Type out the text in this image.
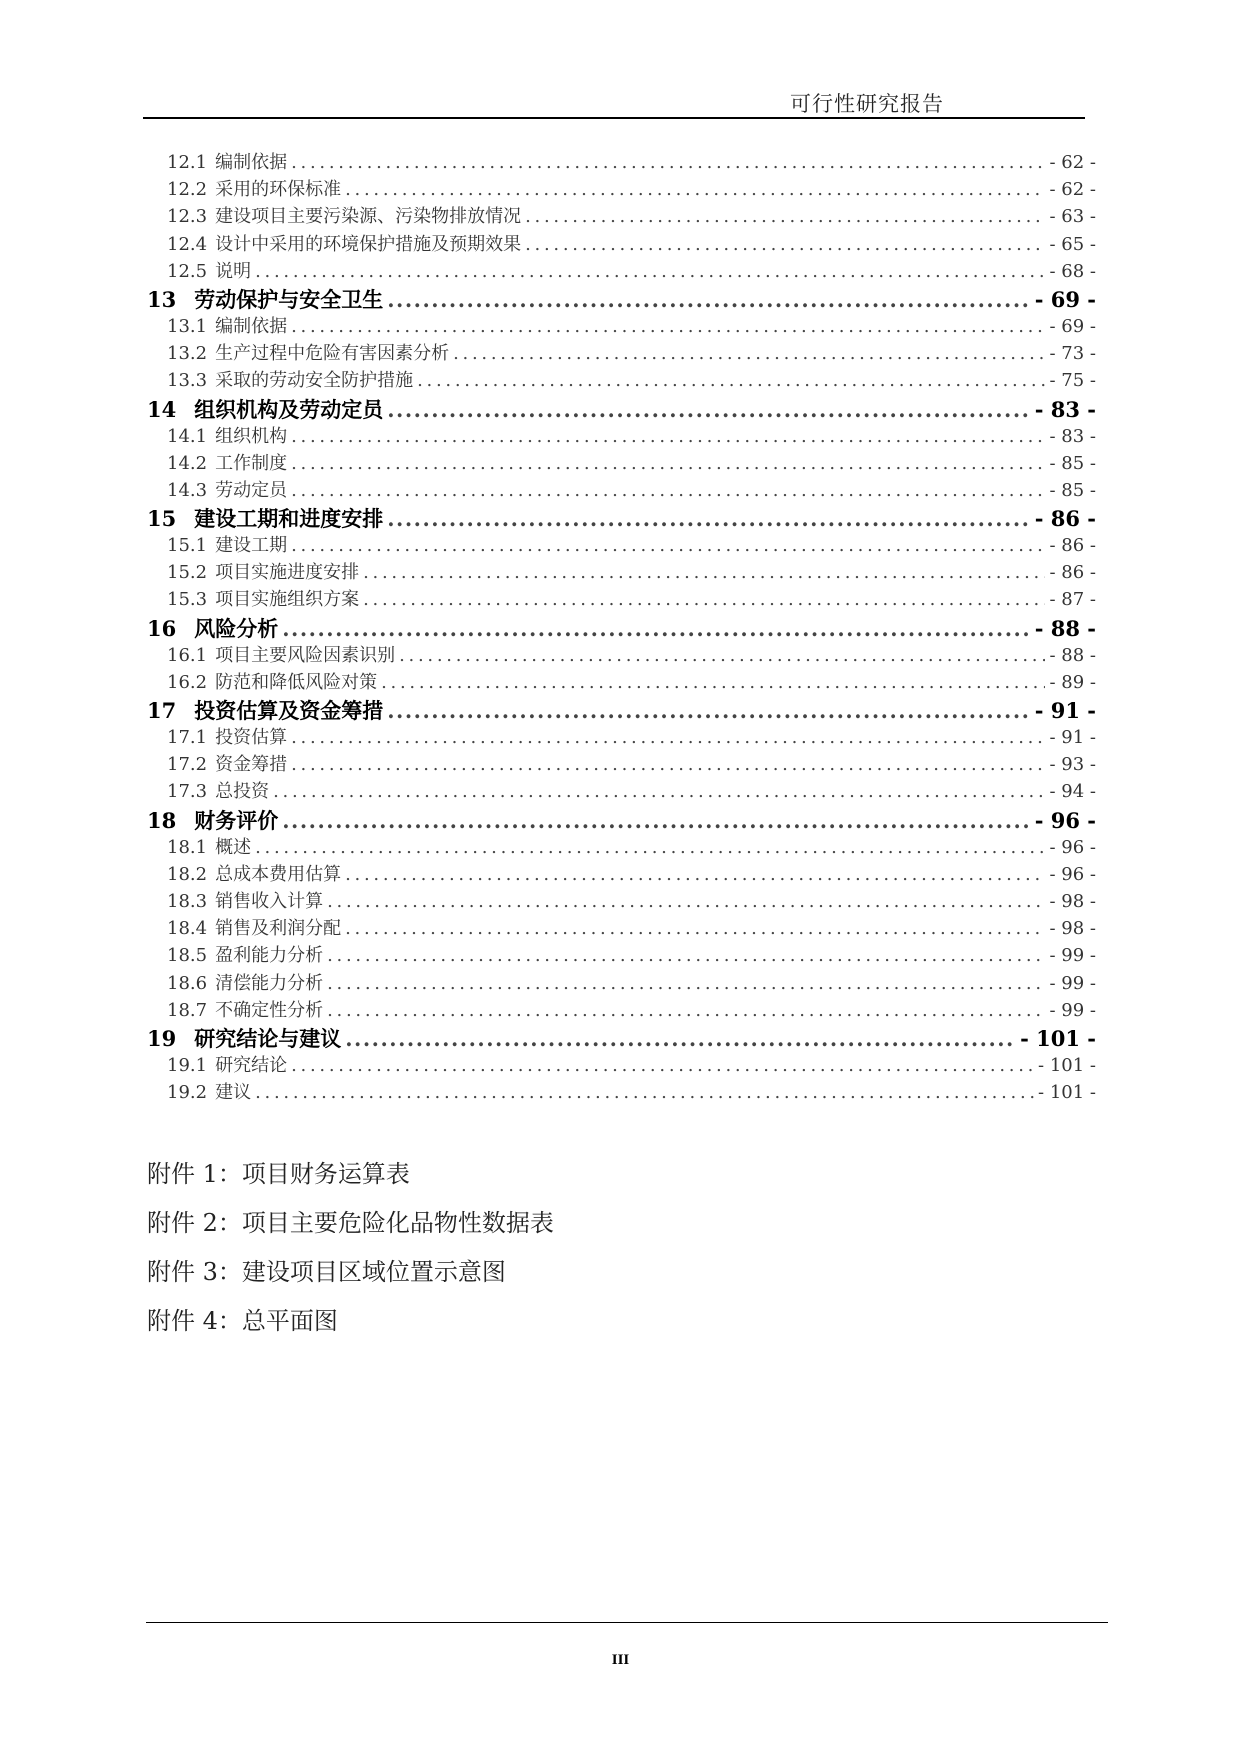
可行性研究报告
12.1 编制依据 . . .	- 62 -
12.2 采用的环保标准 . . .	- 62 -
12.3 建设项目主要污染源、污染物排放情况 . . .	- 63 -
12.4 设计中采用的环境保护措施及预期效果 . . .	- 65 -
12.5 说明 . . .	- 68 -
13 劳动保护与安全卫生 .....	- 69 -
13.1 编制依据 . . .	- 69 -
13.2 生产过程中危险有害因素分析 . . .	- 73 -
13.3 采取的劳动安全防护措施 . . .	- 75 -
14 组织机构及劳动定员 .....	- 83 -
14.1 组织机构 . . .	- 83 -
14.2 工作制度 . . .	- 85 -
14.3 劳动定员 . . .	- 85 -
15 建设工期和进度安排 .....	- 86 -
15.1 建设工期 . . .	- 86 -
15.2 项目实施进度安排 . . .	- 86 -
15.3 项目实施组织方案 . . .	- 87 -
16 风险分析 .....	- 88 -
16.1 项目主要风险因素识别 . . .	- 88 -
16.2 防范和降低风险对策 . . .	- 89 -
17 投资估算及资金筹措 .....	- 91 -
17.1 投资估算 . . .	- 91 -
17.2 资金筹措 . . .	- 93 -
17.3 总投资 . . .	- 94 -
18 财务评价 .....	- 96 -
18.1 概述 . . .	- 96 -
18.2 总成本费用估算 . . .	- 96 -
18.3 销售收入计算 . . .	- 98 -
18.4 销售及利润分配 . . .	- 98 -
18.5 盈利能力分析 . . .	- 99 -
18.6 清偿能力分析 . . .	- 99 -
18.7 不确定性分析 . . .	- 99 -
19 研究结论与建议 .....	- 101 -
19.1 研究结论 . . .	- 101 -
19.2 建议 . . .	- 101 -
附件 1：项目财务运算表
附件 2：项目主要危险化品物性数据表
附件 3：建设项目区域位置示意图
附件 4：总平面图
III
